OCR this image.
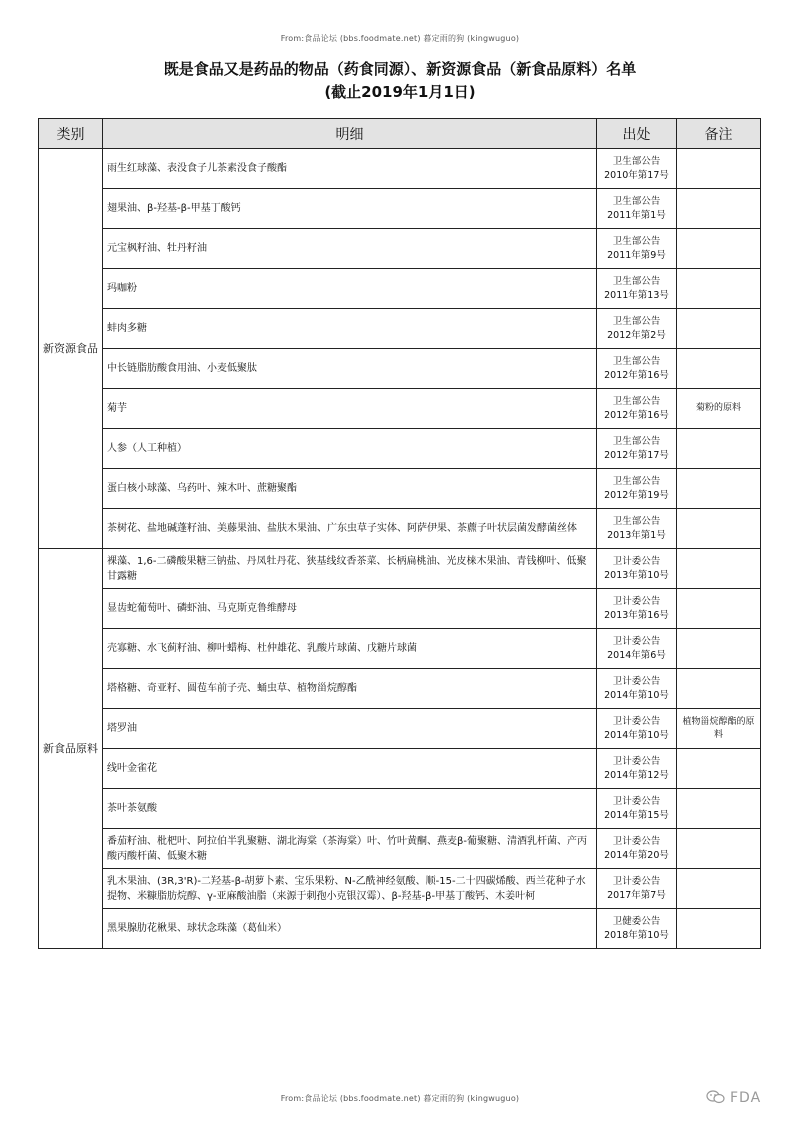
From:食品论坛 (bbs.foodmate.net) 暮定雨的狗 (kingwuguo)
既是食品又是药品的物品（药食同源）、新资源食品（新食品原料）名单
(截止2019年1月1日)
类别	明细	出处	备注
新资源食品	雨生红球藻、表没食子儿茶素没食子酸酯	卫生部公告
2010年第17号	

	翅果油、β-羟基-β-甲基丁酸钙	卫生部公告
2011年第1号	

	元宝枫籽油、牡丹籽油	卫生部公告
2011年第9号	

	玛咖粉	卫生部公告
2011年第13号	

	蚌肉多糖	卫生部公告
2012年第2号	

	中长链脂肪酸食用油、小麦低聚肽	卫生部公告
2012年第16号	

	菊芋	卫生部公告
2012年第16号	菊粉的原料
	人参（人工种植）	卫生部公告
2012年第17号	

	蛋白核小球藻、乌药叶、辣木叶、蔗糖聚酯	卫生部公告
2012年第19号	

	茶树花、盐地碱蓬籽油、美藤果油、盐肤木果油、广东虫草子实体、阿萨伊果、茶藨子叶状层菌发酵菌丝体	卫生部公告
2013年第1号	

新食品原料	裸藻、1,6-二磷酸果糖三钠盐、丹凤牡丹花、狭基线纹香茶菜、长柄扁桃油、光皮梾木果油、青钱柳叶、低聚甘露糖	卫计委公告
2013年第10号	

	显齿蛇葡萄叶、磷虾油、马克斯克鲁维酵母	卫计委公告
2013年第16号	

	壳寡糖、水飞蓟籽油、柳叶蜡梅、杜仲雄花、乳酸片球菌、戊糖片球菌	卫计委公告
2014年第6号	

	塔格糖、奇亚籽、圆苞车前子壳、蛹虫草、植物甾烷醇酯	卫计委公告
2014年第10号	

	塔罗油	卫计委公告
2014年第10号	植物甾烷醇酯的原料
	线叶金雀花	卫计委公告
2014年第12号	

	茶叶茶氨酸	卫计委公告
2014年第15号	

	番茄籽油、枇杷叶、阿拉伯半乳聚糖、湖北海棠（茶海棠）叶、竹叶黄酮、燕麦β-葡聚糖、清酒乳杆菌、产丙酸丙酸杆菌、低聚木糖	卫计委公告
2014年第20号	

	乳木果油、(3R,3'R)-二羟基-β-胡萝卜素、宝乐果粉、N-乙酰神经氨酸、顺-15-二十四碳烯酸、西兰花种子水提物、米糠脂肪烷醇、γ-亚麻酸油脂（来源于刺孢小克银汉霉）、β-羟基-β-甲基丁酸钙、木姜叶柯	卫计委公告
2017年第7号	

	黑果腺肋花楸果、球状念珠藻（葛仙米）	卫健委公告
2018年第10号	

From:食品论坛 (bbs.foodmate.net) 暮定雨的狗 (kingwuguo)	FDA
